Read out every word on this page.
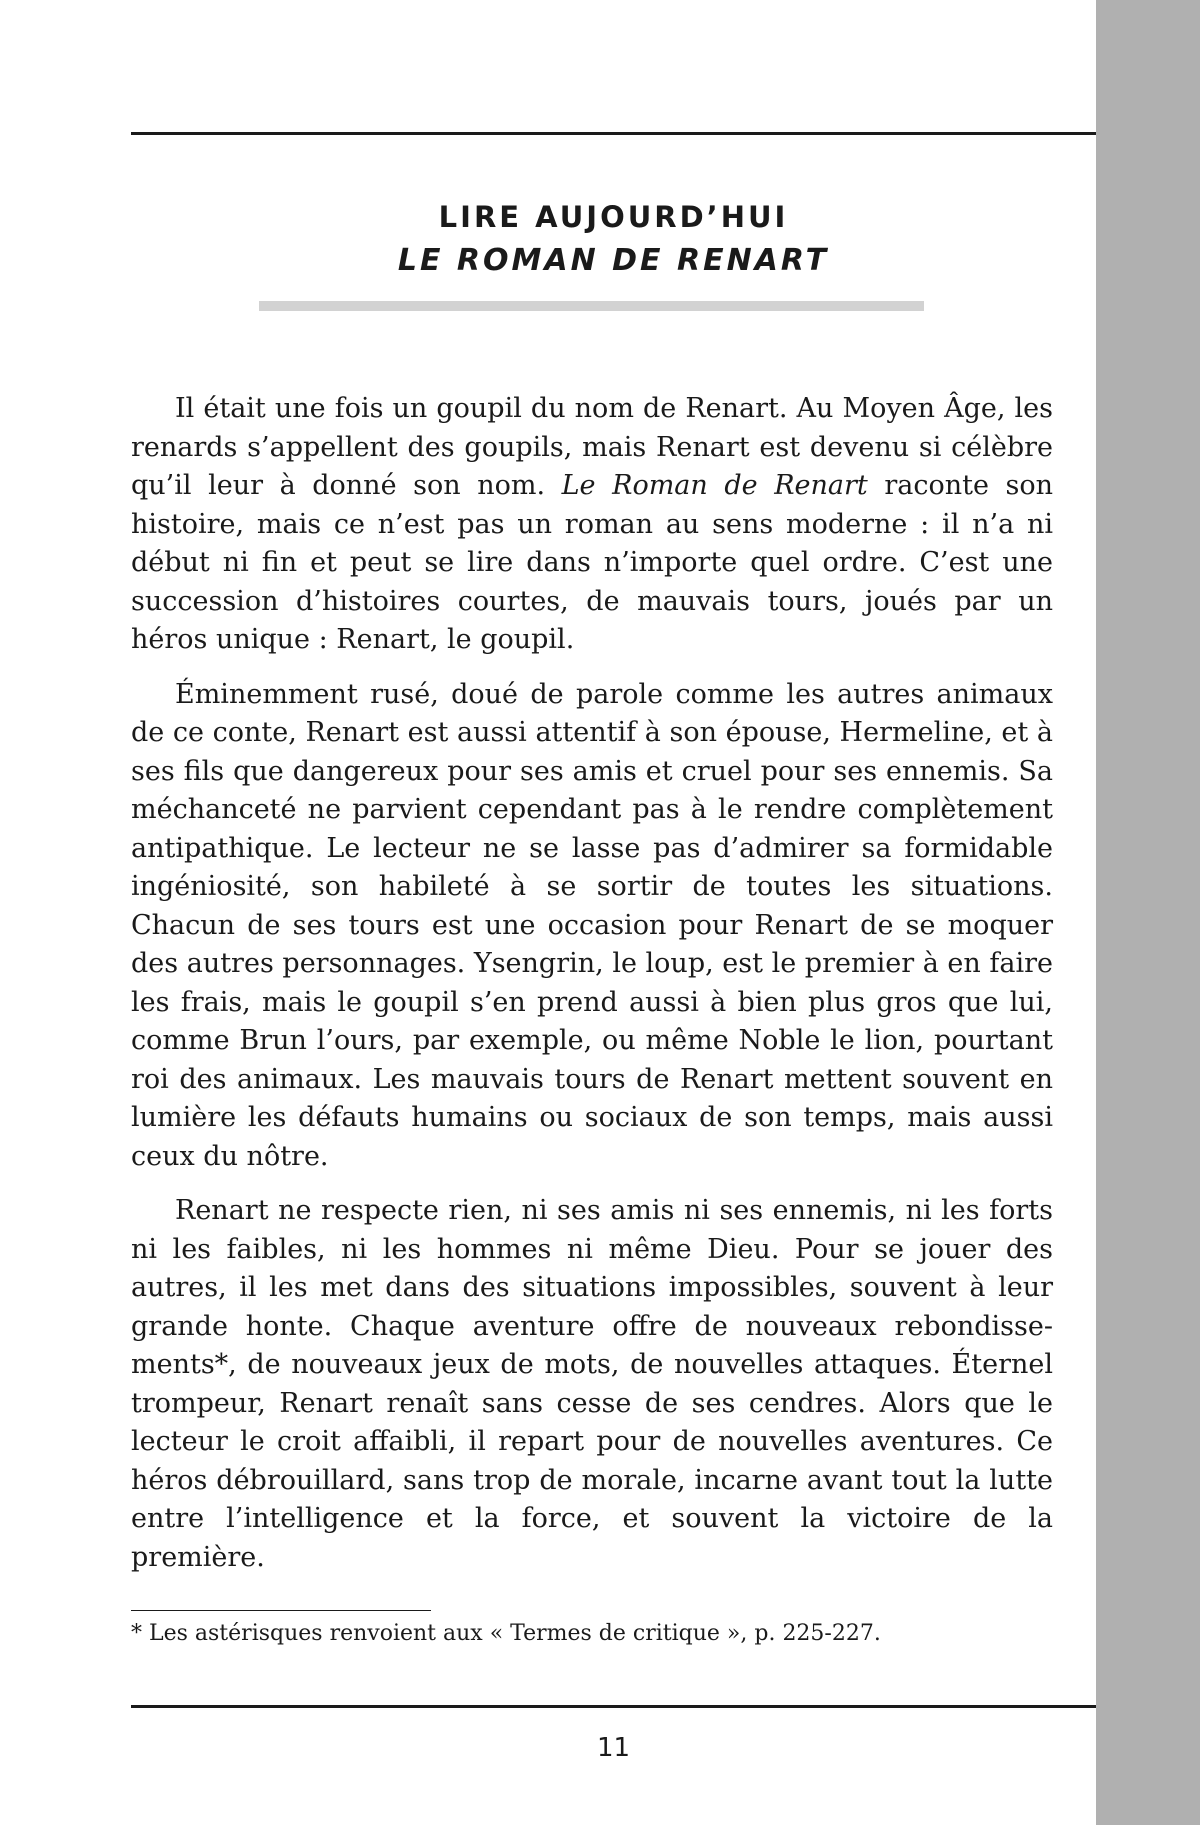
LIRE AUJOURD’HUI
LE ROMAN DE RENART

Il était une fois un goupil du nom de Renart. Au Moyen Âge, les renards s’appellent des goupils, mais Renart est devenu si célèbre qu’il leur à donné son nom. Le Roman de Renart raconte son histoire, mais ce n’est pas un roman au sens moderne : il n’a ni début ni fin et peut se lire dans n’importe quel ordre. C’est une succession d’histoires courtes, de mauvais tours, joués par un héros unique : Renart, le goupil.

Éminemment rusé, doué de parole comme les autres animaux de ce conte, Renart est aussi attentif à son épouse, Hermeline, et à ses fils que dangereux pour ses amis et cruel pour ses ennemis. Sa méchanceté ne parvient cependant pas à le rendre complètement antipathique. Le lecteur ne se lasse pas d’admirer sa formidable ingéniosité, son habileté à se sortir de toutes les situations. Chacun de ses tours est une occasion pour Renart de se moquer des autres personnages. Ysengrin, le loup, est le premier à en faire les frais, mais le goupil s’en prend aussi à bien plus gros que lui, comme Brun l’ours, par exemple, ou même Noble le lion, pourtant roi des animaux. Les mauvais tours de Renart mettent souvent en lumière les défauts humains ou sociaux de son temps, mais aussi ceux du nôtre.

Renart ne respecte rien, ni ses amis ni ses ennemis, ni les forts ni les faibles, ni les hommes ni même Dieu. Pour se jouer des autres, il les met dans des situations impossibles, souvent à leur grande honte. Chaque aventure offre de nouveaux rebondissements*, de nouveaux jeux de mots, de nouvelles attaques. Éternel trompeur, Renart renaît sans cesse de ses cendres. Alors que le lecteur le croit affaibli, il repart pour de nouvelles aventures. Ce héros débrouillard, sans trop de morale, incarne avant tout la lutte entre l’intelligence et la force, et souvent la victoire de la première.

* Les astérisques renvoient aux « Termes de critique », p. 225-227.
11
